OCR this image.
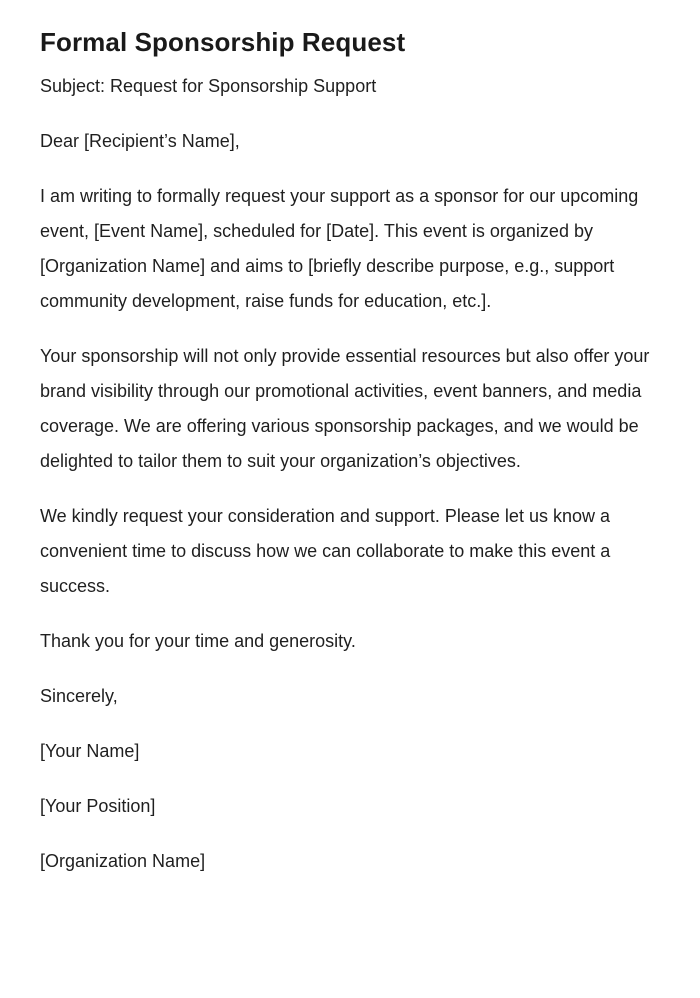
Formal Sponsorship Request

Subject: Request for Sponsorship Support

Dear [Recipient’s Name],

I am writing to formally request your support as a sponsor for our upcoming event, [Event Name], scheduled for [Date]. This event is organized by [Organization Name] and aims to [briefly describe purpose, e.g., support community development, raise funds for education, etc.].

Your sponsorship will not only provide essential resources but also offer your brand visibility through our promotional activities, event banners, and media coverage. We are offering various sponsorship packages, and we would be delighted to tailor them to suit your organization’s objectives.

We kindly request your consideration and support. Please let us know a convenient time to discuss how we can collaborate to make this event a success.

Thank you for your time and generosity.

Sincerely,

[Your Name]

[Your Position]

[Organization Name]
